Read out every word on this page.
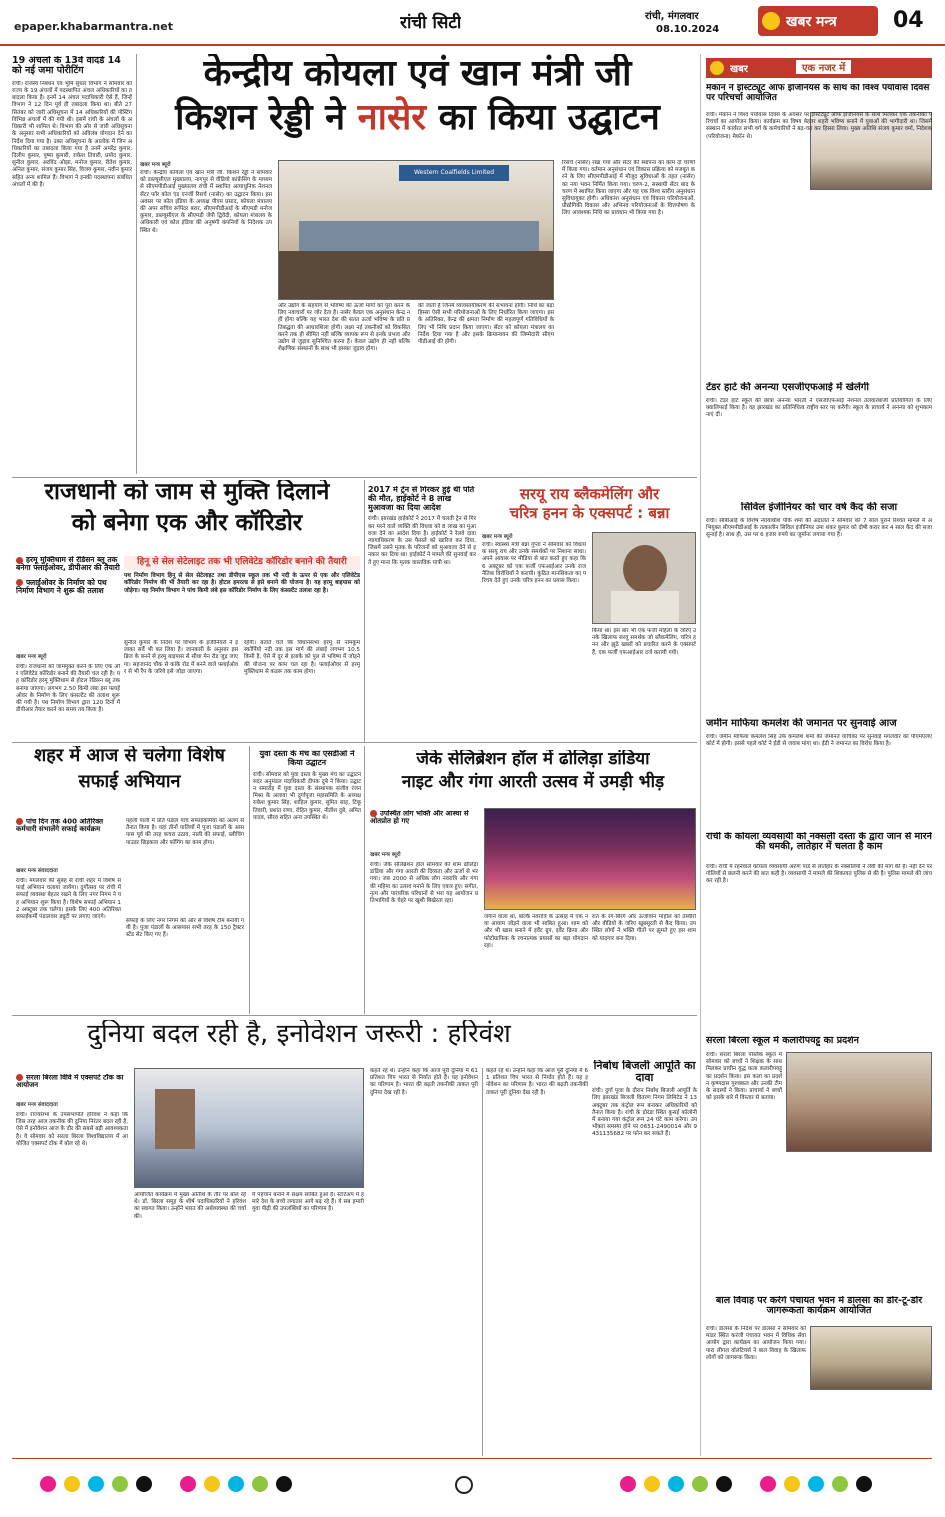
epaper.khabarmantra.net	रांची सिटी	रांची, मंगलवार
08.10.2024	खबर मन्त्र	04
19 अंचलों के 13वें वादर्ड 14 को नई जमा पोरीटिंग
रांची। राजस्व निबंधन एवं भूमि सुधार विभाग ने सोमवार को राज्य के 19 अंचलों में पदस्थापित अंचल अधिकारियों का तबादला किया है। इनमें 14 अंचल पदाधिकारी ऐसे हैं, जिन्हें विभाग ने 12 दिन पूर्व ही तबादला किया था। बीते 27 सितंबर को जारी अधिसूचना में 14 अधिकारियों की पोस्टिंग विभिन्न अंचलों में की गयी थी। इसमें रांची के अंचलों के अधिकारी भी शामिल थे। विभाग की ओर से जारी अधिसूचना के अनुसार सभी अधिकारियों को अविलंब योगदान देने का निर्देश दिया गया है। उक्त अधिसूचना के आलोक में जिन अधिकारियों का तबादला किया गया है उनमें अमरेंद्र कुमार, दिलीप कुमार, पुष्पा कुमारी, राकेश तिवारी, प्रमोद कुमार, सुनील कुमार, अरविंद ओझा, मनोज कुमार, रीतेश कुमार, अनिल कुमार, संजय कुमार सिंह, विजय कुमार, नवीन कुमार सहित अन्य शामिल हैं। विभाग ने इनकी पदस्थापना संबंधित अंचलों में की है।
केन्द्रीय कोयला एवं खान मंत्री जी
किशन रेड्डी ने नासेर का किया उद्घाटन
खबर मन्त्र ब्यूरो
रांची। केन्द्रीय कोयला एवं खान मंत्री जी. किशन रेड्डी ने सोमवार को डब्ल्यूसीएल मुख्यालय, नागपुर से वीडियो कांफ्रेंसिंग के माध्यम से सीएमपीडीआई मुख्यालय रांची में स्थापित अत्याधुनिक नेशनल सेंटर फॉर कोल एंड एनर्जी रिसर्च (नासेर) का उद्घाटन किया। इस अवसर पर कोल इंडिया के अध्यक्ष पीएम प्रसाद, कोयला मंत्रालय की अपर सचिव रूपिंदर बरार, सीएमपीडीआई के सीएमडी मनोज कुमार, डब्ल्यूसीएल के सीएमडी जेपी द्विवेदी, कोयला मंत्रालय के अधिकारी एवं कोल इंडिया की अनुषंगी कंपनियों के निदेशक उपस्थित थे।
Western Coalfields Limited
और उद्योग के सहयोग से भविष्य की ऊर्जा मांगों को पूरा करने के लिए नवाचारों पर जोर देता है। नासेर केवल एक अनुसंधान केन्द्र नहीं होगा बल्कि यह भारत देश की सतत ऊर्जा भविष्य के प्रति प्रतिबद्धता की आधारशिला होगी। लक्ष्य नई तकनीकों को विकसित करने तक ही सीमित नहीं बल्कि व्यापक रूप से इनके प्रभाव और उद्योग से जुड़ाव सुनिश्चित करना है। केवल उद्योग ही नहीं बल्कि शैक्षणिक संस्थानों के साथ भी इसका जुड़ाव होगा।
की जाती है जिनमें व्यावसायीकरण की संभावना होगी। निधि का बड़ा हिस्सा ऐसी सभी परियोजनाओं के लिए निर्धारित किया जाएगा। इसके अतिरिक्त, केन्द्र की क्षमता निर्माण की महत्वपूर्ण गतिविधियों के लिए भी निधि प्रदान किया जाएगा। सेंटर को कोयला मंत्रालय का निर्देश दिया गया है और इसके क्रियान्वयन की जिम्मेदारी सीएमपीडीआई की होगी।
रिसर्च (नासेर) रखा गया और सेंटर की स्थापना का काम दो चरणों में किया गया। वर्तमान अनुसंधान एवं विकास प्रक्रिया को मजबूत करने के लिए सीएमपीडीआई में मौजूद सुविधाओं के तहत (नासेर) का नया भवन निर्मित किया गया। चरण-2, सस्थायी सेंटर बाद के चरण में स्थापित किया जाएगा और यह एक विश्व स्तरीय अनुसंधान सुविधायुक्त होगी। अधिकांश अनुसंधान एवं विकास परियोजनाओं, प्रौद्योगिकी विकास और अभिनव परियोजनाओं के वित्तपोषण के लिए आवश्यक निधि का प्रावधान भी किया गया है।
राजधानी को जाम से मुक्ति दिलाने
को बनेगा एक और कॉरिडोर
हरमू मुक्तिधाम से रेडिसन ब्लू तक बनेगा फ्लाईओवर, डीपीआर की तैयारी
फ्लाईओवर के निर्माण को पथ निर्माण विभाग ने शुरू की तलाश
हिनू से सेल सेटेलाइट तक भी एलिवेटेड कॉरिडोर बनाने की तैयारी
पथ निर्माण विभाग हिनू से सेल सेटेलाइट तथा डीपीएस स्कूल तक भी नदी के ऊपर से एक और एलिवेटेड कॉरिडोर निर्माण की भी तैयारी कर रहा है। होटल इमरल्ड से इसे बनाने की योजना है। यह हरमू बाइपास को जोड़ेगा। यह निर्माण विभाग ने पांच किमी लंबे इस कॉरिडोर निर्माण के लिए कंसल्टेंट तलाश रहा है।
खबर मन्त्र ब्यूरो
रांची। राजधानी को जाममुक्त करने के लिए एक और एलिवेटेड कॉरिडोर बनाने की तैयारी चल रही है। यह कॉरिडोर हरमू मुक्तिधाम से होटल रेडिसन ब्लू तक बनाया जाएगा। लगभग 2.50 किमी लंबा इस फ्लाईओवर के निर्माण के लिए कंसल्टेंट की तलाश शुरू की गयी है। पथ निर्माण विभाग द्वारा 120 दिनों में डीपीआर तैयार करने का समय तय किया है।
सुनील कुमार के निर्देश पर विभाग के इंजीनियरों ने इलाका सर्वे भी कर लिया है। जानकारी के अनुसार इस ब्रिज के बनने से हरमू बाइपास से सीधा मेन रोड जुड़ जाएगा। सहजानंद चौक से कांके रोड में बनने वाले फ्लाईओवर से भी रैंप के जरिये इसे जोड़ा जाएगा।
रहेगी। बताते चलें कि विधानसभा हरमू से नामकुम स्कॉर्पियो नदी तक इस मार्ग की लंबाई लगभग 10.5 किमी है, ऐसे में दूर से इलाके को पुल से भविष्य में जोड़ने की योजना पर काम चल रहा है। फ्लाईओवर से हरमू मुक्तिधाम से कडरू तक काम होगा।
2017 में ट्रेन से गिरकर हुई थी पति की मौत, हाईकोर्ट ने 8 लाख मुआवजा का दिया आदेश
रांची। झारखंड हाईकोर्ट ने 2017 में चलती ट्रेन से गिरकर मरने वाले व्यक्ति की विधवा को 8 लाख का मुआवजा देने का आदेश दिया है। हाईकोर्ट ने रेलवे दावा न्यायाधिकरण के उस फैसले को खारिज कर दिया, जिसमें उसने मृतक के परिजनों को मुआवजा देने से इनकार कर दिया था। हाईकोर्ट ने मामले की सुनवाई करते हुए माना कि मृतक वास्तविक यात्री था।
सरयू राय ब्लैकमेलिंग और
चरित्र हनन के एक्सपर्ट : बन्ना
खबर मन्त्र ब्यूरो
रांची। स्वास्थ्य मंत्री बन्ना गुप्ता ने सोमवार को विधायक सरयू राय और उनके समर्थकों पर निशाना साधा। अपने आवास पर मीडिया से बात करते हुए कहा कि 6 अक्टूबर को एक फर्जी एफआईआर उनके राजनैतिक विरोधियों ने करायी। कुंठित मानसिकता का परिचय देते हुए उनके चरित्र हनन का प्रयास किया।
किया था। इस बार भी एक फर्जी महिला के जरिए उनके खिलाफ सरयू समर्थक जो ब्लैकमेलिंग, चरित्र हनन और झूठे खबरों को प्रचारित करने के एक्सपर्ट हैं, एक फर्जी एफआईआर दर्ज करायी गयी।
शहर में आज से चलेगा विशेष
सफाई अभियान
पांच दिन तक 400 अतिरिक्त कर्मचारी संभालेंगे सफाई कार्यक्रम
खबर मन्त्र संवाददाता
रांची। मंगलवार की सुबह से रांची शहर में विशेष सफाई अभियान चलाया जायेगा। दुर्गोत्सव पर रांची में सफाई व्यवस्था बेहतर रखने के लिए नगर निगम ने यह अभियान शुरू किया है। विशेष सफाई अभियान 12 अक्टूबर तक चलेगा। इसके लिए 400 अतिरिक्त सफाईकर्मी पंडालवार ड्यूटी पर लगाए जाएंगे।
पहली पाली में प्रति पंडाल पांच सफाईकर्मियों को अलग से तैनात किया है। यहां तीनों पालियों में पूजा पंडालों के आसपास पूर्व की तरह कचरा उठाव, नाली की सफाई, ब्लीचिंग पाउडर छिड़काव और फॉगिंग का काम होगा।
सफाई के लिए नगर निगम की ओर से विशेष टीम बनायी गयी है। पूजा पंडालों के आसपास सभी तरह के 150 ट्रैक्टर स्टेंड सेट किए गए हैं।
युवा दस्ता के मंच का एसडीओ ने किया उद्घाटन
रांची। सोमवार को युवा दस्ता के मुख्य मंच का उद्घाटन सदर अनुमंडल पदाधिकारी दीपक दुबे ने किया। उद्घाटन समारोह में युवा दस्ता के संस्थापक संजीव रंजन मिश्रा के अलावा भी दुर्गापूजा महासमिति के अध्यक्ष राकेश कुमार सिंह, शाहिल कुमार, सुमित साह, टिंकू तिवारी, प्रशांत राणा, रोहित कुमार, नीतीश दुबे, अमित यादव, सौरव सहित अन्य उपस्थित थे।
जेके सेलिब्रेशन हॉल में ढोलिड़ा डांडिया
नाइट और गंगा आरती उत्सव में उमड़ी भीड़
उपस्थित लोग भक्ति और आस्था से ओतप्रोत हो गए
खबर मन्त्र ब्यूरो
रांची। जेके सेलिब्रेशन हॉल सोमवार की शाम ढोलिड़ा डांडिया और गंगा आरती की दिव्यता और ऊर्जा से भर गया। जब 2000 से अधिक लोग नवरात्रि और गंगा की महिमा का उत्सव मनाने के लिए एकत्र हुए। संगीत, नृत्य और पारंपरिक परिधानों से भरा यह आयोजन प्रतिभागियों के चेहरे पर खुशी बिखेरता रहा।
जगाने वाला था, बल्कि नवरात्रि के उत्साह में एक नया आयाम जोड़ने वाला भी साबित हुआ। शाम को और भी खास बनाने में इवेंट ग्रुप, इवेंट क्रिया और फोटोग्राफिक के रचनात्मक प्रयासों का बड़ा योगदान रहा।
रात के रंग-बिरंगे और ऊर्जावान माहौल को तस्वीरों और वीडियो के जरिए खूबसूरती से कैद किया। उपस्थित लोगों ने भक्ति गीतों पर झूमते हुए इस शाम को यादगार बना दिया।
दुनिया बदल रही है, इनोवेशन जरूरी : हरिवंश
सरला बिरला विवि में एक्सपर्ट टॉक का आयोजन
खबर मन्त्र संवाददाता
रांची। राज्यसभा के उपसभापति हरिवंश ने कहा कि जिस तरह आज तकनीक की दुनिया निरंतर बदल रही है, ऐसे में इनोवेशन आज के दौर की सबसे बड़ी आवश्यकता है। वे सोमवार को सरला बिरला विश्वविद्यालय में आयोजित एक्सपर्ट टॉक में बोल रहे थे।
आयोजित कार्यक्रम में मुख्य अतिथि के तौर पर बोल रहे थे। डॉ. बिरला समूह के शीर्ष पदाधिकारियों ने हरिवंश का स्वागत किया। उन्होंने भारत की अर्थव्यवस्था की चर्चा की।
में पहचान बनाने में सक्षम साबित हुआ है। स्टार्टअप में हमारे देश के बच्चे लगातार आगे बढ़ रहे हैं। ये सब हमारी युवा पीढ़ी की उपलब्धियों का परिणाम है।
कहते रहे थे। उन्होंने कहा कि आज पूरी दुनिया में 61 प्रतिशत चिप भारत से निर्यात होते हैं। यह इनोवेशन का परिणाम है। भारत की बढ़ती तकनीकी ताकत पूरी दुनिया देख रही है।
निर्बाध बिजली आपूर्ति का दावा
रांची। दुर्गा पूजा के दौरान निर्बाध बिजली आपूर्ति के लिए झारखंड बिजली वितरण निगम लिमिटेड ने 13 अक्टूबर तक कंट्रोल रूम बनाकर अधिकारियों को तैनात किया है। रांची के डोरंडा स्थित कुसई कॉलोनी में बनाया गया कंट्रोल रूम 24 घंटे काम करेगा। उपभोक्ता समस्या होने पर 0651-2490014 और 9431135682 पर फोन कर सकते हैं।
कहते रहे थे। उन्होंने कहा कि आज पूरी दुनिया में 61 प्रतिशत चिप भारत से निर्यात होते हैं। यह इनोवेशन का परिणाम है। भारत की बढ़ती तकनीकी ताकत पूरी दुनिया देख रही है।
खबर	एक नजर में
मेकॉन ने इंस्टिट्यूट ऑफ इंजिनियर्स के साथ की विश्व पर्यावास दिवस पर परिचर्चा आयोजित
रांची। मेकॉन ने विश्व पर्यावास दिवस के अवसर पर इंस्टिट्यूट ऑफ इंजिनियर्स के साथ मिलकर एक तकनीकी परिचर्चा का आयोजन किया। कार्यक्रम का विषय बेहतर शहरी भविष्य बनाने में युवाओं की भागीदारी था। जिसमें संस्थान में कार्यरत सभी वर्ग के कर्मचारियों ने बढ़-चढ़ कर हिस्सा लिया। मुख्य अतिथि संजय कुमार वर्मा, निदेशक (परियोजना) मेकॉन थे।
टेंडर हार्ट की अनन्या एसजीएफआई में खेलेंगी
रांची। टेंडर हार्ट स्कूल की छात्रा अनन्या भारती ने एसजीएफआई नेशनल तलवारबाजी प्रतियोगिता के लिए क्वालिफाई किया है। वह झारखंड का प्रतिनिधित्व राष्ट्रीय स्तर पर करेंगी। स्कूल के प्राचार्य ने अनन्या को शुभकामनाएं दीं।
सिविल इंजीनियर को चार वर्ष कैद की सजा
रांची। सीबीआई के विशेष न्यायाधीश पीके शर्मा की अदालत ने सोमवार को 7 साल पुराने रिश्वत मामले में अभियुक्त सीएमपीडीआई के तत्कालीन सिविल इंजीनियर उमा शंकर कुमार को दोषी करार कर 4 साल कैद की सजा सुनाई है। साथ ही, उस पर 6 हजार रुपये का जुर्माना लगाया गया है।
जमीन माफिया कमलेश की जमानत पर सुनवाई आज
रांची। जमीन माफिया कमलेश सिंह उर्फ कमलेश शर्मा की जमानत याचिका पर सुनवाई मंगलवार को पीएमएलए कोर्ट में होगी। इससे पहले कोर्ट ने ईडी से जवाब मांगा था। ईडी ने जमानत का विरोध किया है।
रांची के कोयला व्यवसायी को नक्सली दस्ता के द्वारा जान से मारने की धमकी, लातेहार में चलता है काम
रांची। रांची में रहनेवाले कोयला व्यवसायी अरुण पांडे से लातेहार के नक्सलियों ने लेवी की मांग की है। नहीं देने पर गोलियों से छलनी करने की बात कही है। व्यवसायी ने मामले की शिकायत पुलिस से की है। पुलिस मामले की जांच कर रही है।
सरला बिरला स्कूल में कलारीपयट्टू का प्रदर्शन
रांची। सरला बिरला पब्लिक स्कूल में सोमवार को बच्चों ने शिक्षक के साथ मिलकर प्राचीन युद्ध कला कलारीपयट्टू का प्रदर्शन किया। इस कला का प्रदर्शन कृष्णदास गुरुक्कल और उनकी टीम के सदस्यों ने किया। प्राचार्या ने बच्चों को इसके बारे में विस्तार से बताया।
बाल विवाह पर करेंगे पंचायत भवन में डालसा का डोर-टू-डोर जागरूकता कार्यक्रम आयोजित
रांची। डालसा के निर्देश पर डालसा ने सोमवार को मांडर स्थित करंजी पंचायत भवन में विधिक सेवा आयोग द्वारा कार्यक्रम का आयोजन किया गया। पारा लीगल वॉलंटियर्स ने बाल विवाह के खिलाफ लोगों को जागरूक किया।
